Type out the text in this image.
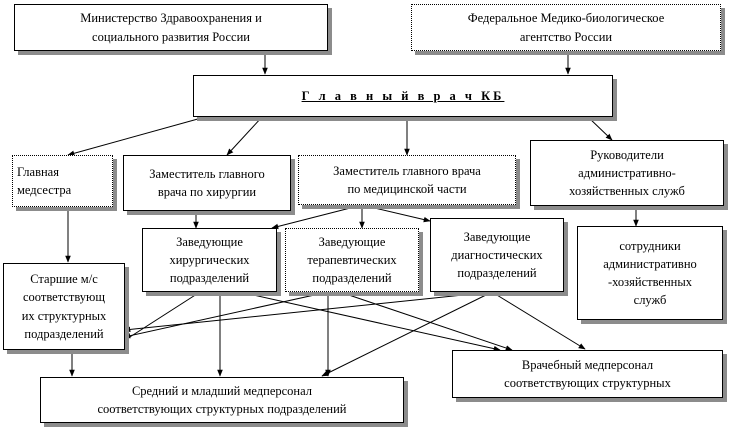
Министерство Здравоохранения и
социального развития России
Федеральное Медико-биологическое
агентство России
Г л а в н ы й в р а ч КБ
Главная
медсестра
Заместитель главного
врача по хирургии
Заместитель главного врача
по медицинской части
Руководители
административно-
хозяйственных служб
Заведующие
хирургических
подразделений
Заведующие
терапевтических
подразделений
Заведующие
диагностических
подразделений
сотрудники
административно
-хозяйственных
служб
Старшие м/с
соответствующ
их структурных
подразделений
Врачебный медперсонал
соответствующих структурных
Средний и младший медперсонал
соответствующих структурных подразделений
